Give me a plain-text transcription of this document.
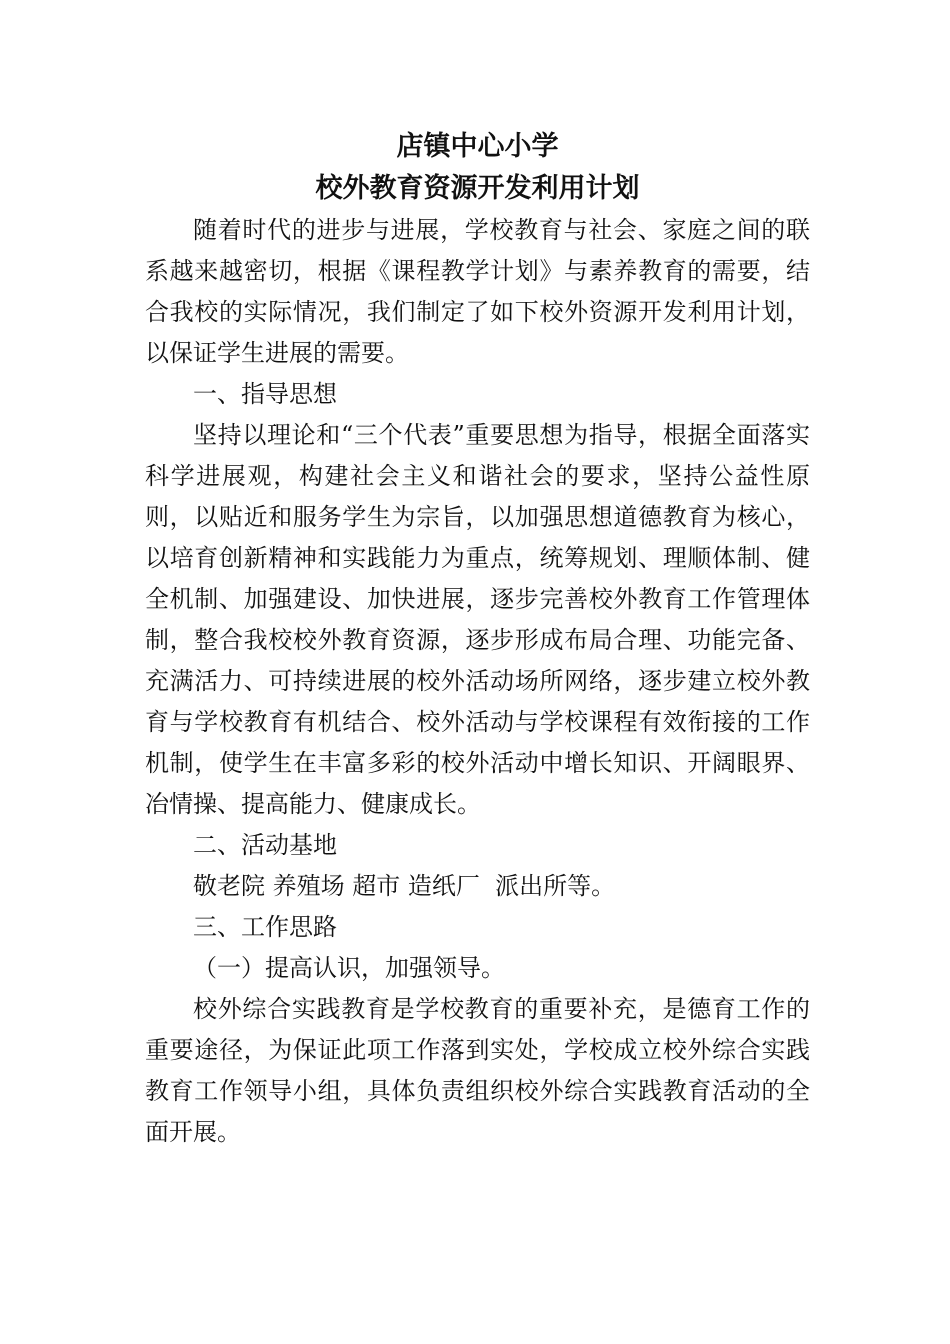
店镇中心小学
校外教育资源开发利用计划

随着时代的进步与进展，学校教育与社会、家庭之间的联系越来越密切，根据《课程教学计划》与素养教育的需要，结合我校的实际情况，我们制定了如下校外资源开发利用计划，以保证学生进展的需要。

一、指导思想

坚持以理论和“三个代表”重要思想为指导，根据全面落实科学进展观，构建社会主义和谐社会的要求，坚持公益性原则，以贴近和服务学生为宗旨，以加强思想道德教育为核心，以培育创新精神和实践能力为重点，统筹规划、理顺体制、健全机制、加强建设、加快进展，逐步完善校外教育工作管理体制，整合我校校外教育资源，逐步形成布局合理、功能完备、充满活力、可持续进展的校外活动场所网络，逐步建立校外教育与学校教育有机结合、校外活动与学校课程有效衔接的工作机制，使学生在丰富多彩的校外活动中增长知识、开阔眼界、冶情操、提高能力、健康成长。

二、活动基地

敬老院 养殖场 超市 造纸厂  派出所等。

三、工作思路

（一）提高认识，加强领导。

校外综合实践教育是学校教育的重要补充，是德育工作的重要途径，为保证此项工作落到实处，学校成立校外综合实践教育工作领导小组，具体负责组织校外综合实践教育活动的全面开展。
